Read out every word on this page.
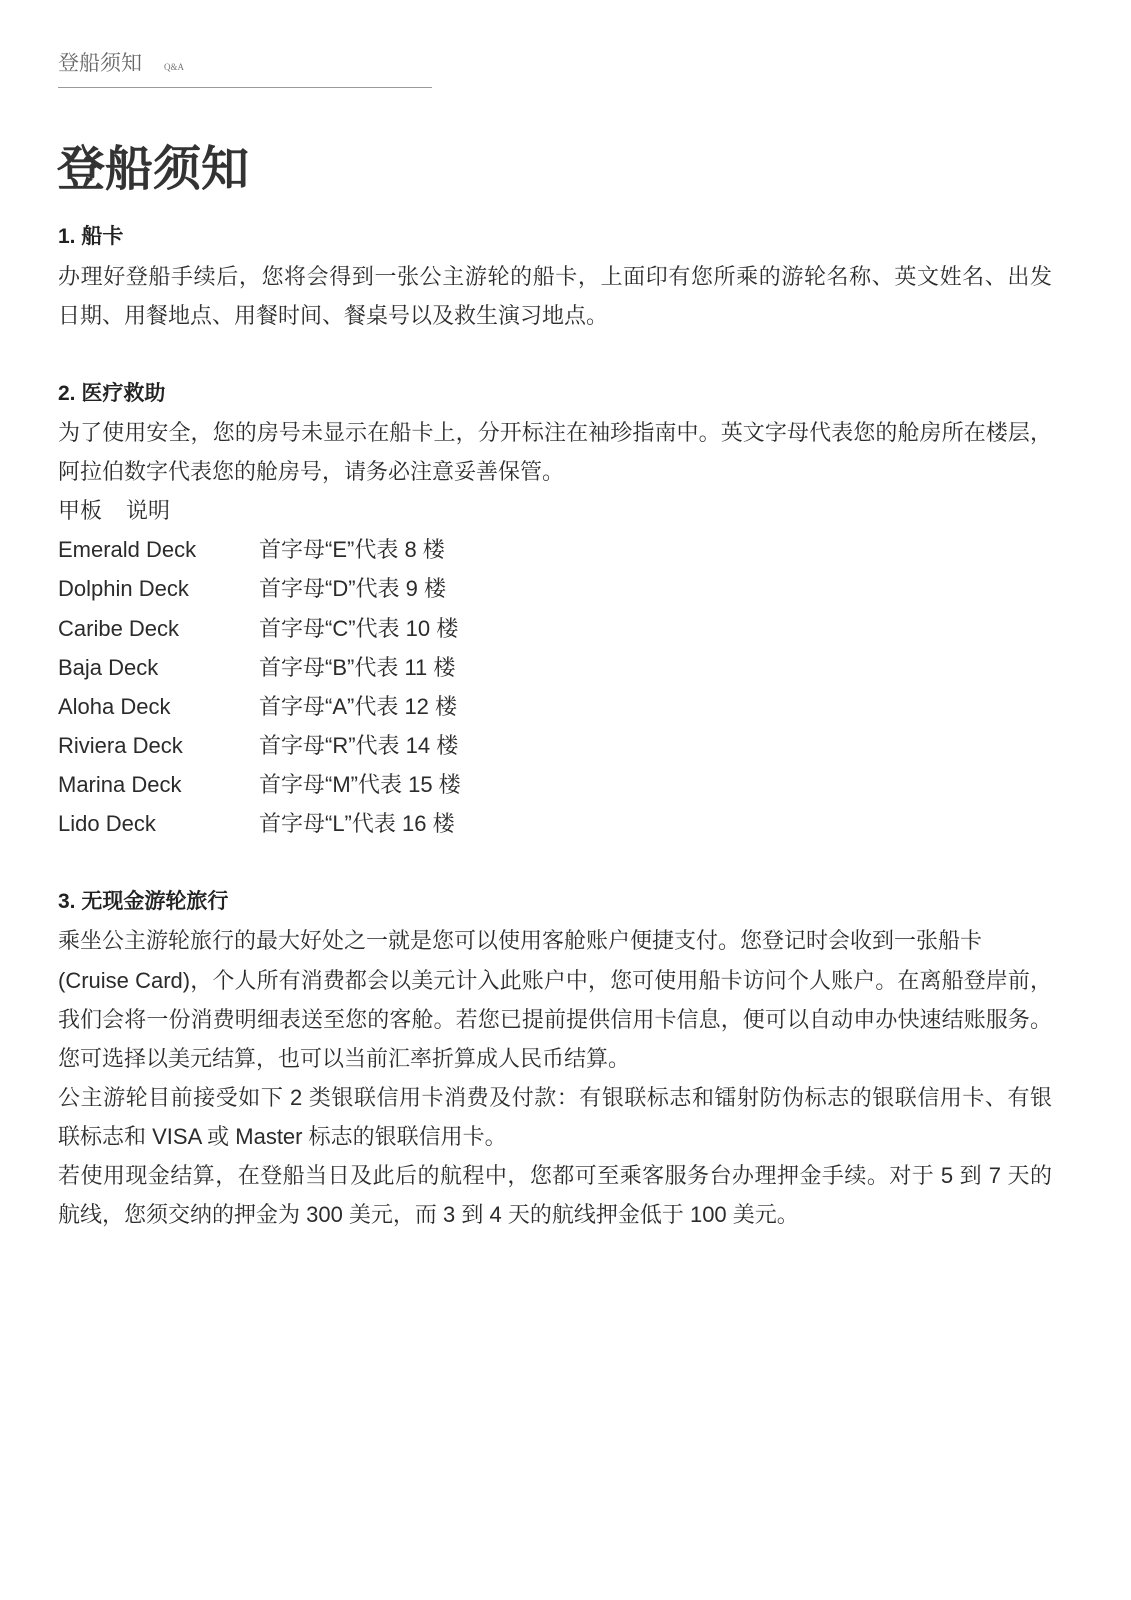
登船须知 Q&A
登船须知
1. 船卡
办理好登船手续后，您将会得到一张公主游轮的船卡，上面印有您所乘的游轮名称、英文姓名、出发
日期、用餐地点、用餐时间、餐桌号以及救生演习地点。
2. 医疗救助
为了使用安全，您的房号未显示在船卡上，分开标注在袖珍指南中。英文字母代表您的舱房所在楼层，
阿拉伯数字代表您的舱房号，请务必注意妥善保管。
甲板 说明
Emerald Deck	首字母“E”代表 8 楼
Dolphin Deck	首字母“D”代表 9 楼
Caribe Deck	首字母“C”代表 10 楼
Baja Deck	首字母“B”代表 11 楼
Aloha Deck	首字母“A”代表 12 楼
Riviera Deck	首字母“R”代表 14 楼
Marina Deck	首字母“M”代表 15 楼
Lido Deck	首字母“L”代表 16 楼
3. 无现金游轮旅行
乘坐公主游轮旅行的最大好处之一就是您可以使用客舱账户便捷支付。您登记时会收到一张船卡
(Cruise Card)，个人所有消费都会以美元计入此账户中，您可使用船卡访问个人账户。在离船登岸前，
我们会将一份消费明细表送至您的客舱。若您已提前提供信用卡信息，便可以自动申办快速结账服务。
您可选择以美元结算，也可以当前汇率折算成人民币结算。
公主游轮目前接受如下 2 类银联信用卡消费及付款：有银联标志和镭射防伪标志的银联信用卡、有银
联标志和 VISA 或 Master 标志的银联信用卡。
若使用现金结算，在登船当日及此后的航程中，您都可至乘客服务台办理押金手续。对于 5 到 7 天的
航线，您须交纳的押金为 300 美元，而 3 到 4 天的航线押金低于 100 美元。
